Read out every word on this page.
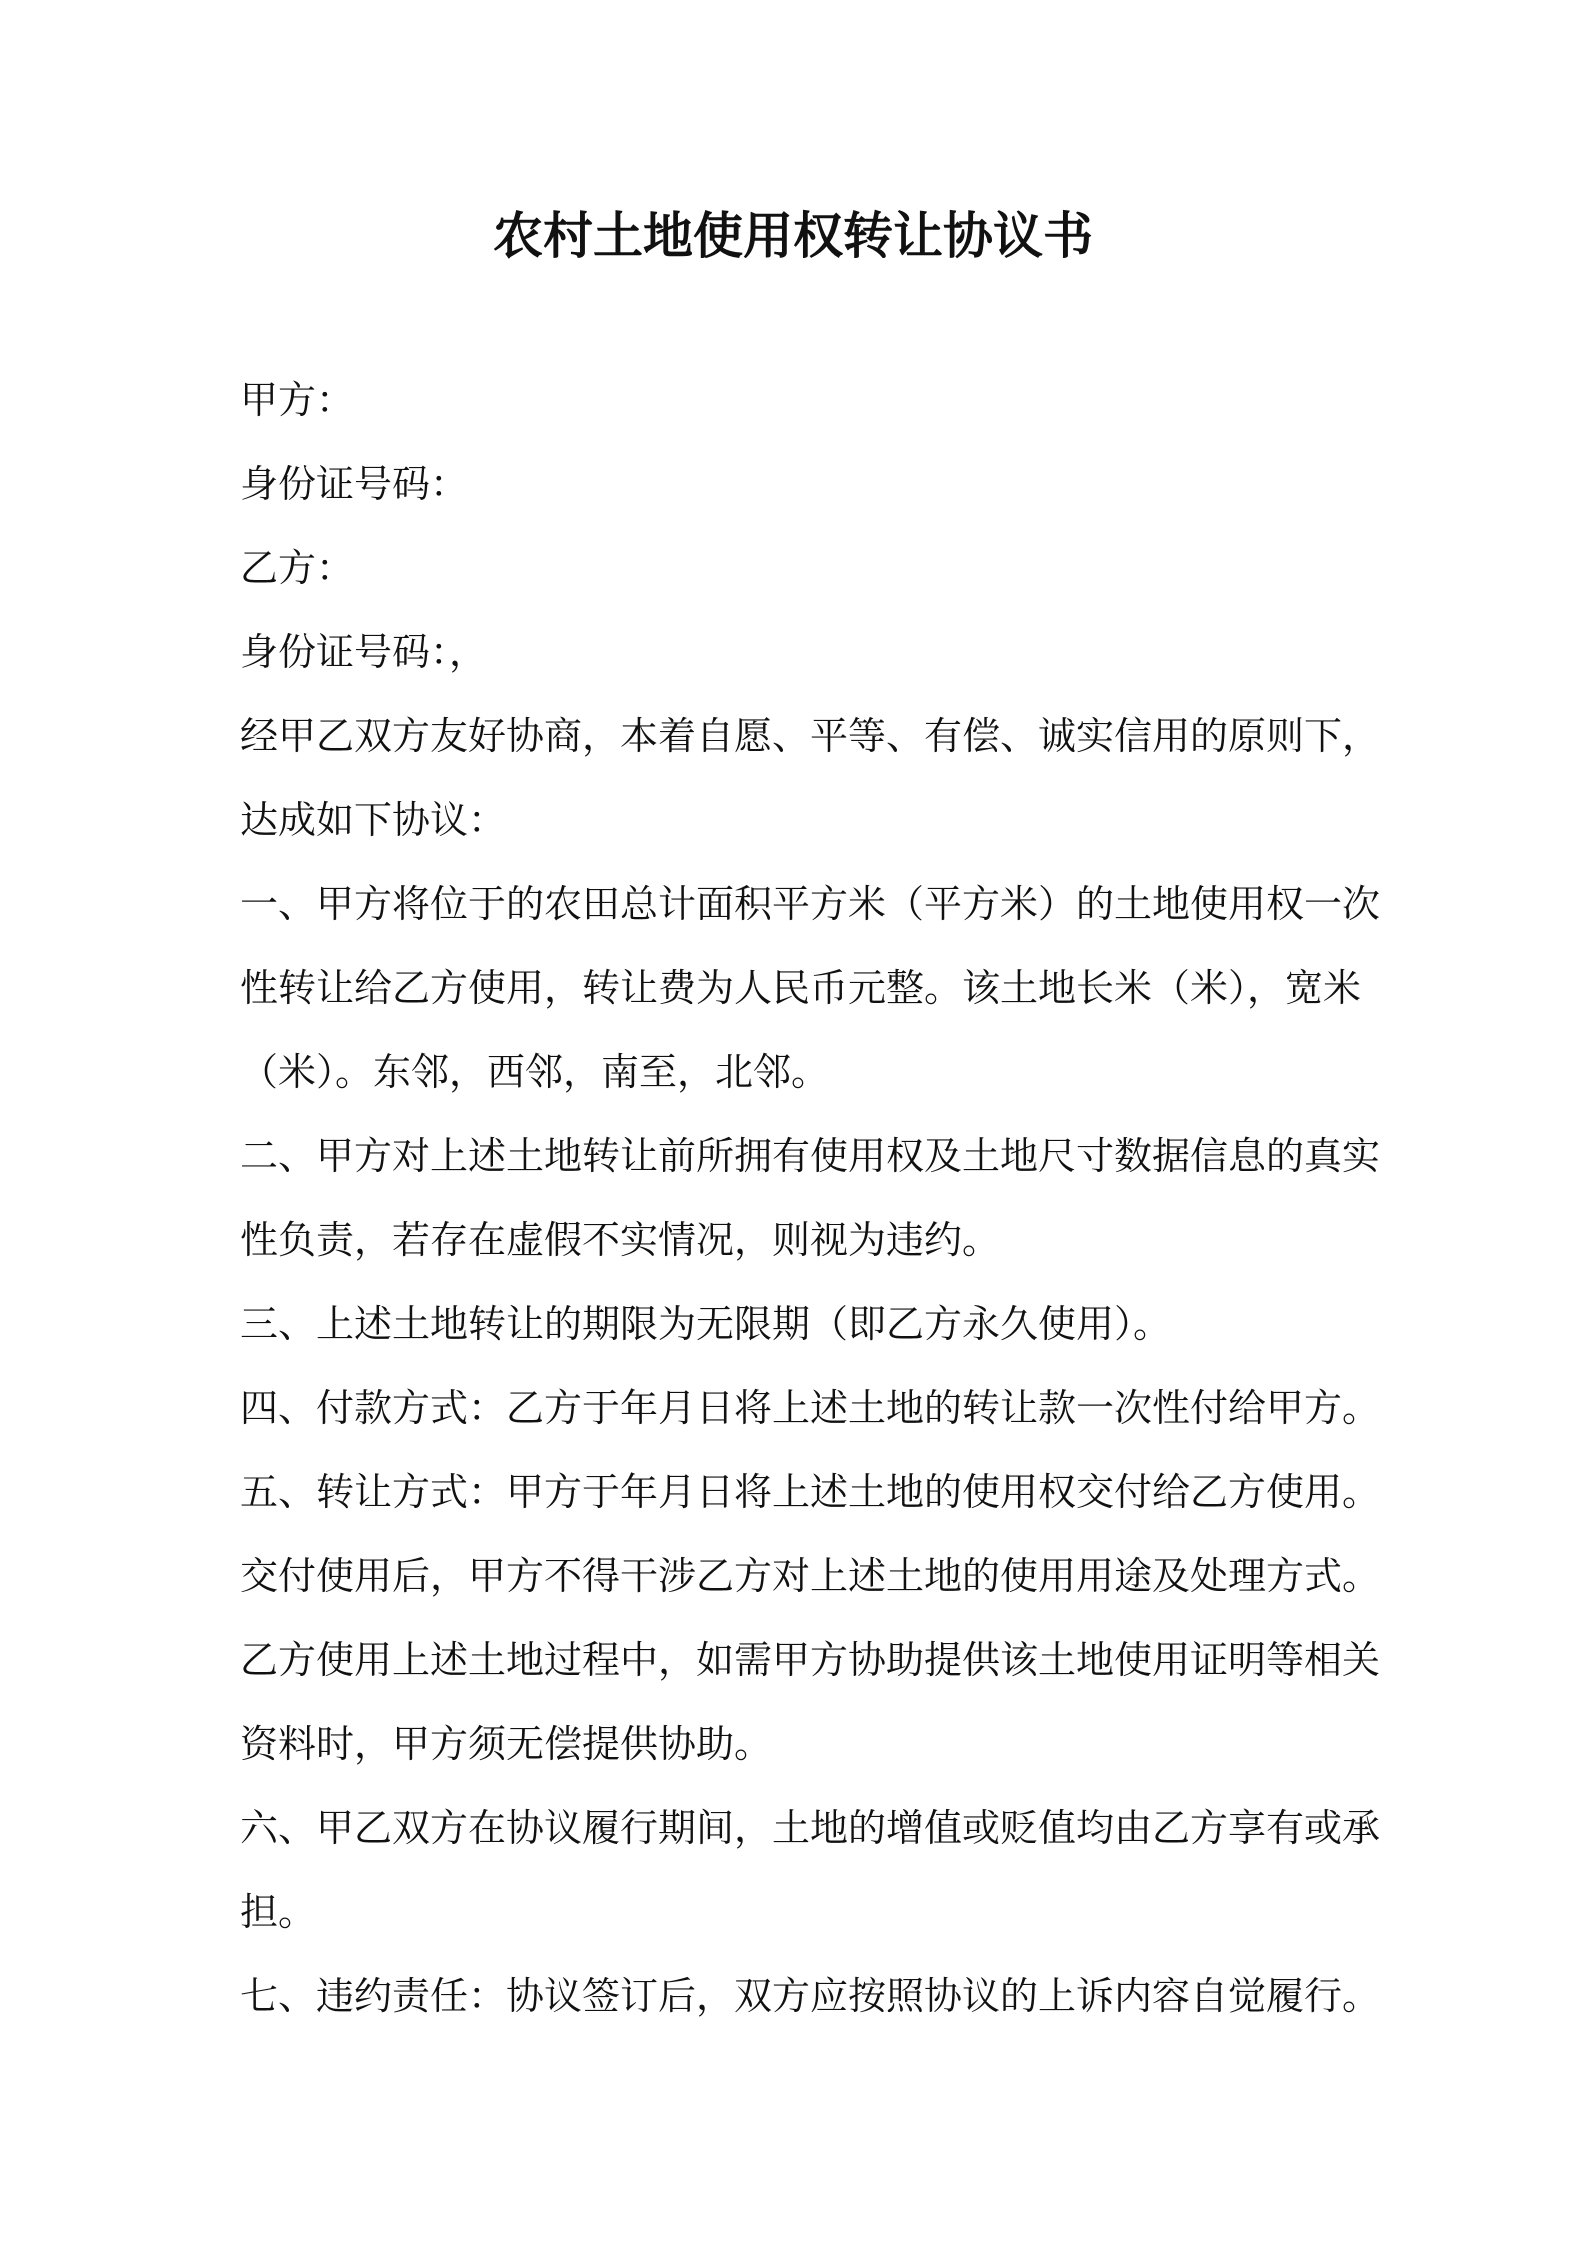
农村土地使用权转让协议书
甲方：
身份证号码：
乙方：
身份证号码：，
经甲乙双方友好协商，本着自愿、平等、有偿、诚实信用的原则下，
达成如下协议：
一、甲方将位于的农田总计面积平方米（平方米）的土地使用权一次
性转让给乙方使用，转让费为人民币元整。该土地长米（米），宽米
（米）。东邻，西邻，南至，北邻。
二、甲方对上述土地转让前所拥有使用权及土地尺寸数据信息的真实
性负责，若存在虚假不实情况，则视为违约。
三、上述土地转让的期限为无限期（即乙方永久使用）。
四、付款方式：乙方于年月日将上述土地的转让款一次性付给甲方。
五、转让方式：甲方于年月日将上述土地的使用权交付给乙方使用。
交付使用后，甲方不得干涉乙方对上述土地的使用用途及处理方式。
乙方使用上述土地过程中，如需甲方协助提供该土地使用证明等相关
资料时，甲方须无偿提供协助。
六、甲乙双方在协议履行期间，土地的增值或贬值均由乙方享有或承
担。
七、违约责任：协议签订后，双方应按照协议的上诉内容自觉履行。
